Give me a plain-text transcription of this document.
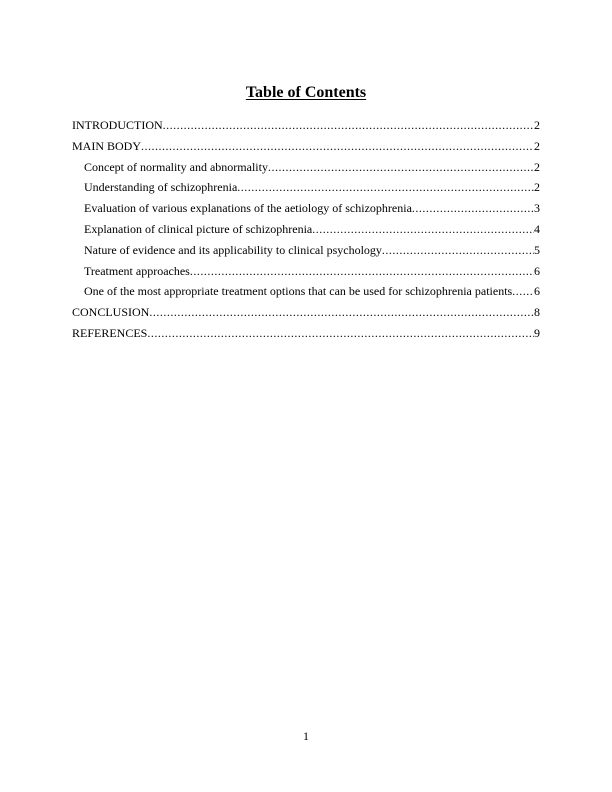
Table of Contents
INTRODUCTION .....	2
MAIN BODY .....	2
Concept of normality and abnormality .....	2
Understanding of schizophrenia .....	2
Evaluation of various explanations of the aetiology of schizophrenia .....	3
Explanation of clinical picture of schizophrenia .....	4
Nature of evidence and its applicability to clinical psychology .....	5
Treatment approaches .....	6
One of the most appropriate treatment options that can be used for schizophrenia patients ..... 6
CONCLUSION .....	8
REFERENCES .....	9
1
